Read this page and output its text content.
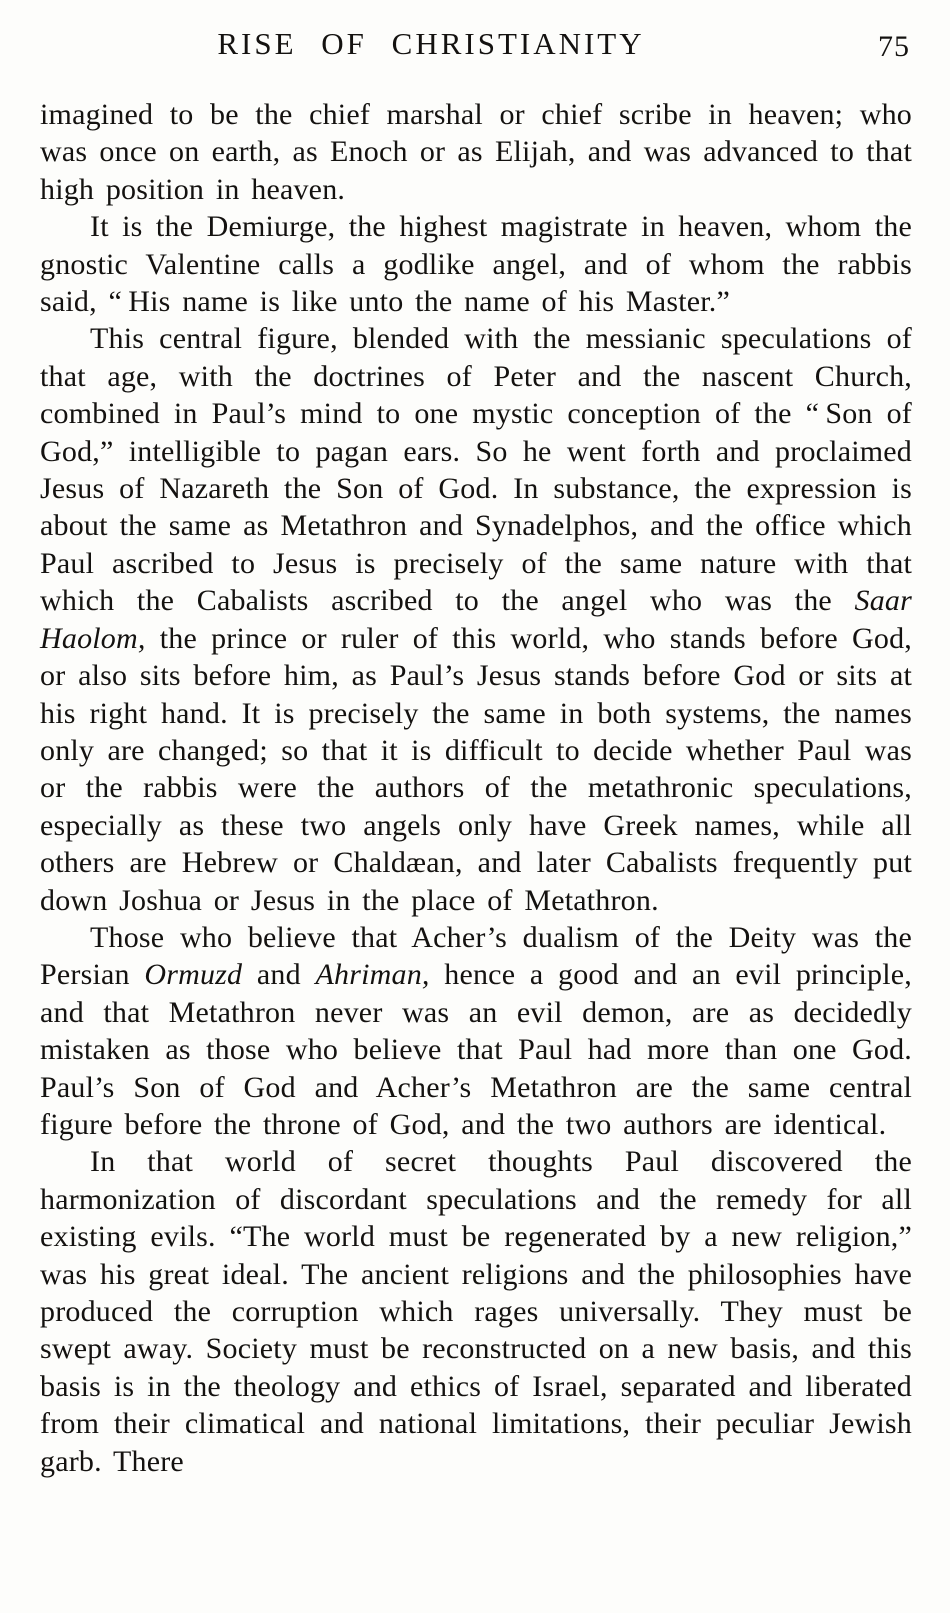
RISE OF CHRISTIANITY	75

imagined to be the chief marshal or chief scribe in heaven; who was once on earth, as Enoch or as Elijah, and was advanced to that high position in heaven.

It is the Demiurge, the highest magistrate in heaven, whom the gnostic Valentine calls a godlike angel, and of whom the rabbis said, “ His name is like unto the name of his Master.”

This central figure, blended with the messianic speculations of that age, with the doctrines of Peter and the nascent Church, combined in Paul’s mind to one mystic conception of the “ Son of God,” intelligible to pagan ears. So he went forth and proclaimed Jesus of Nazareth the Son of God. In substance, the expression is about the same as Metathron and Synadelphos, and the office which Paul ascribed to Jesus is precisely of the same nature with that which the Cabalists ascribed to the angel who was the Saar Haolom, the prince or ruler of this world, who stands before God, or also sits before him, as Paul’s Jesus stands before God or sits at his right hand. It is precisely the same in both systems, the names only are changed; so that it is difficult to decide whether Paul was or the rabbis were the authors of the metathronic speculations, especially as these two angels only have Greek names, while all others are Hebrew or Chaldæan, and later Cabalists frequently put down Joshua or Jesus in the place of Metathron.

Those who believe that Acher’s dualism of the Deity was the Persian Ormuzd and Ahriman, hence a good and an evil principle, and that Metathron never was an evil demon, are as decidedly mistaken as those who believe that Paul had more than one God. Paul’s Son of God and Acher’s Metathron are the same central figure before the throne of God, and the two authors are identical.

In that world of secret thoughts Paul discovered the harmonization of discordant speculations and the remedy for all existing evils. “The world must be regenerated by a new religion,” was his great ideal. The ancient religions and the philosophies have produced the corruption which rages universally. They must be swept away. Society must be reconstructed on a new basis, and this basis is in the theology and ethics of Israel, separated and liberated from their climatical and national limitations, their peculiar Jewish garb. There
